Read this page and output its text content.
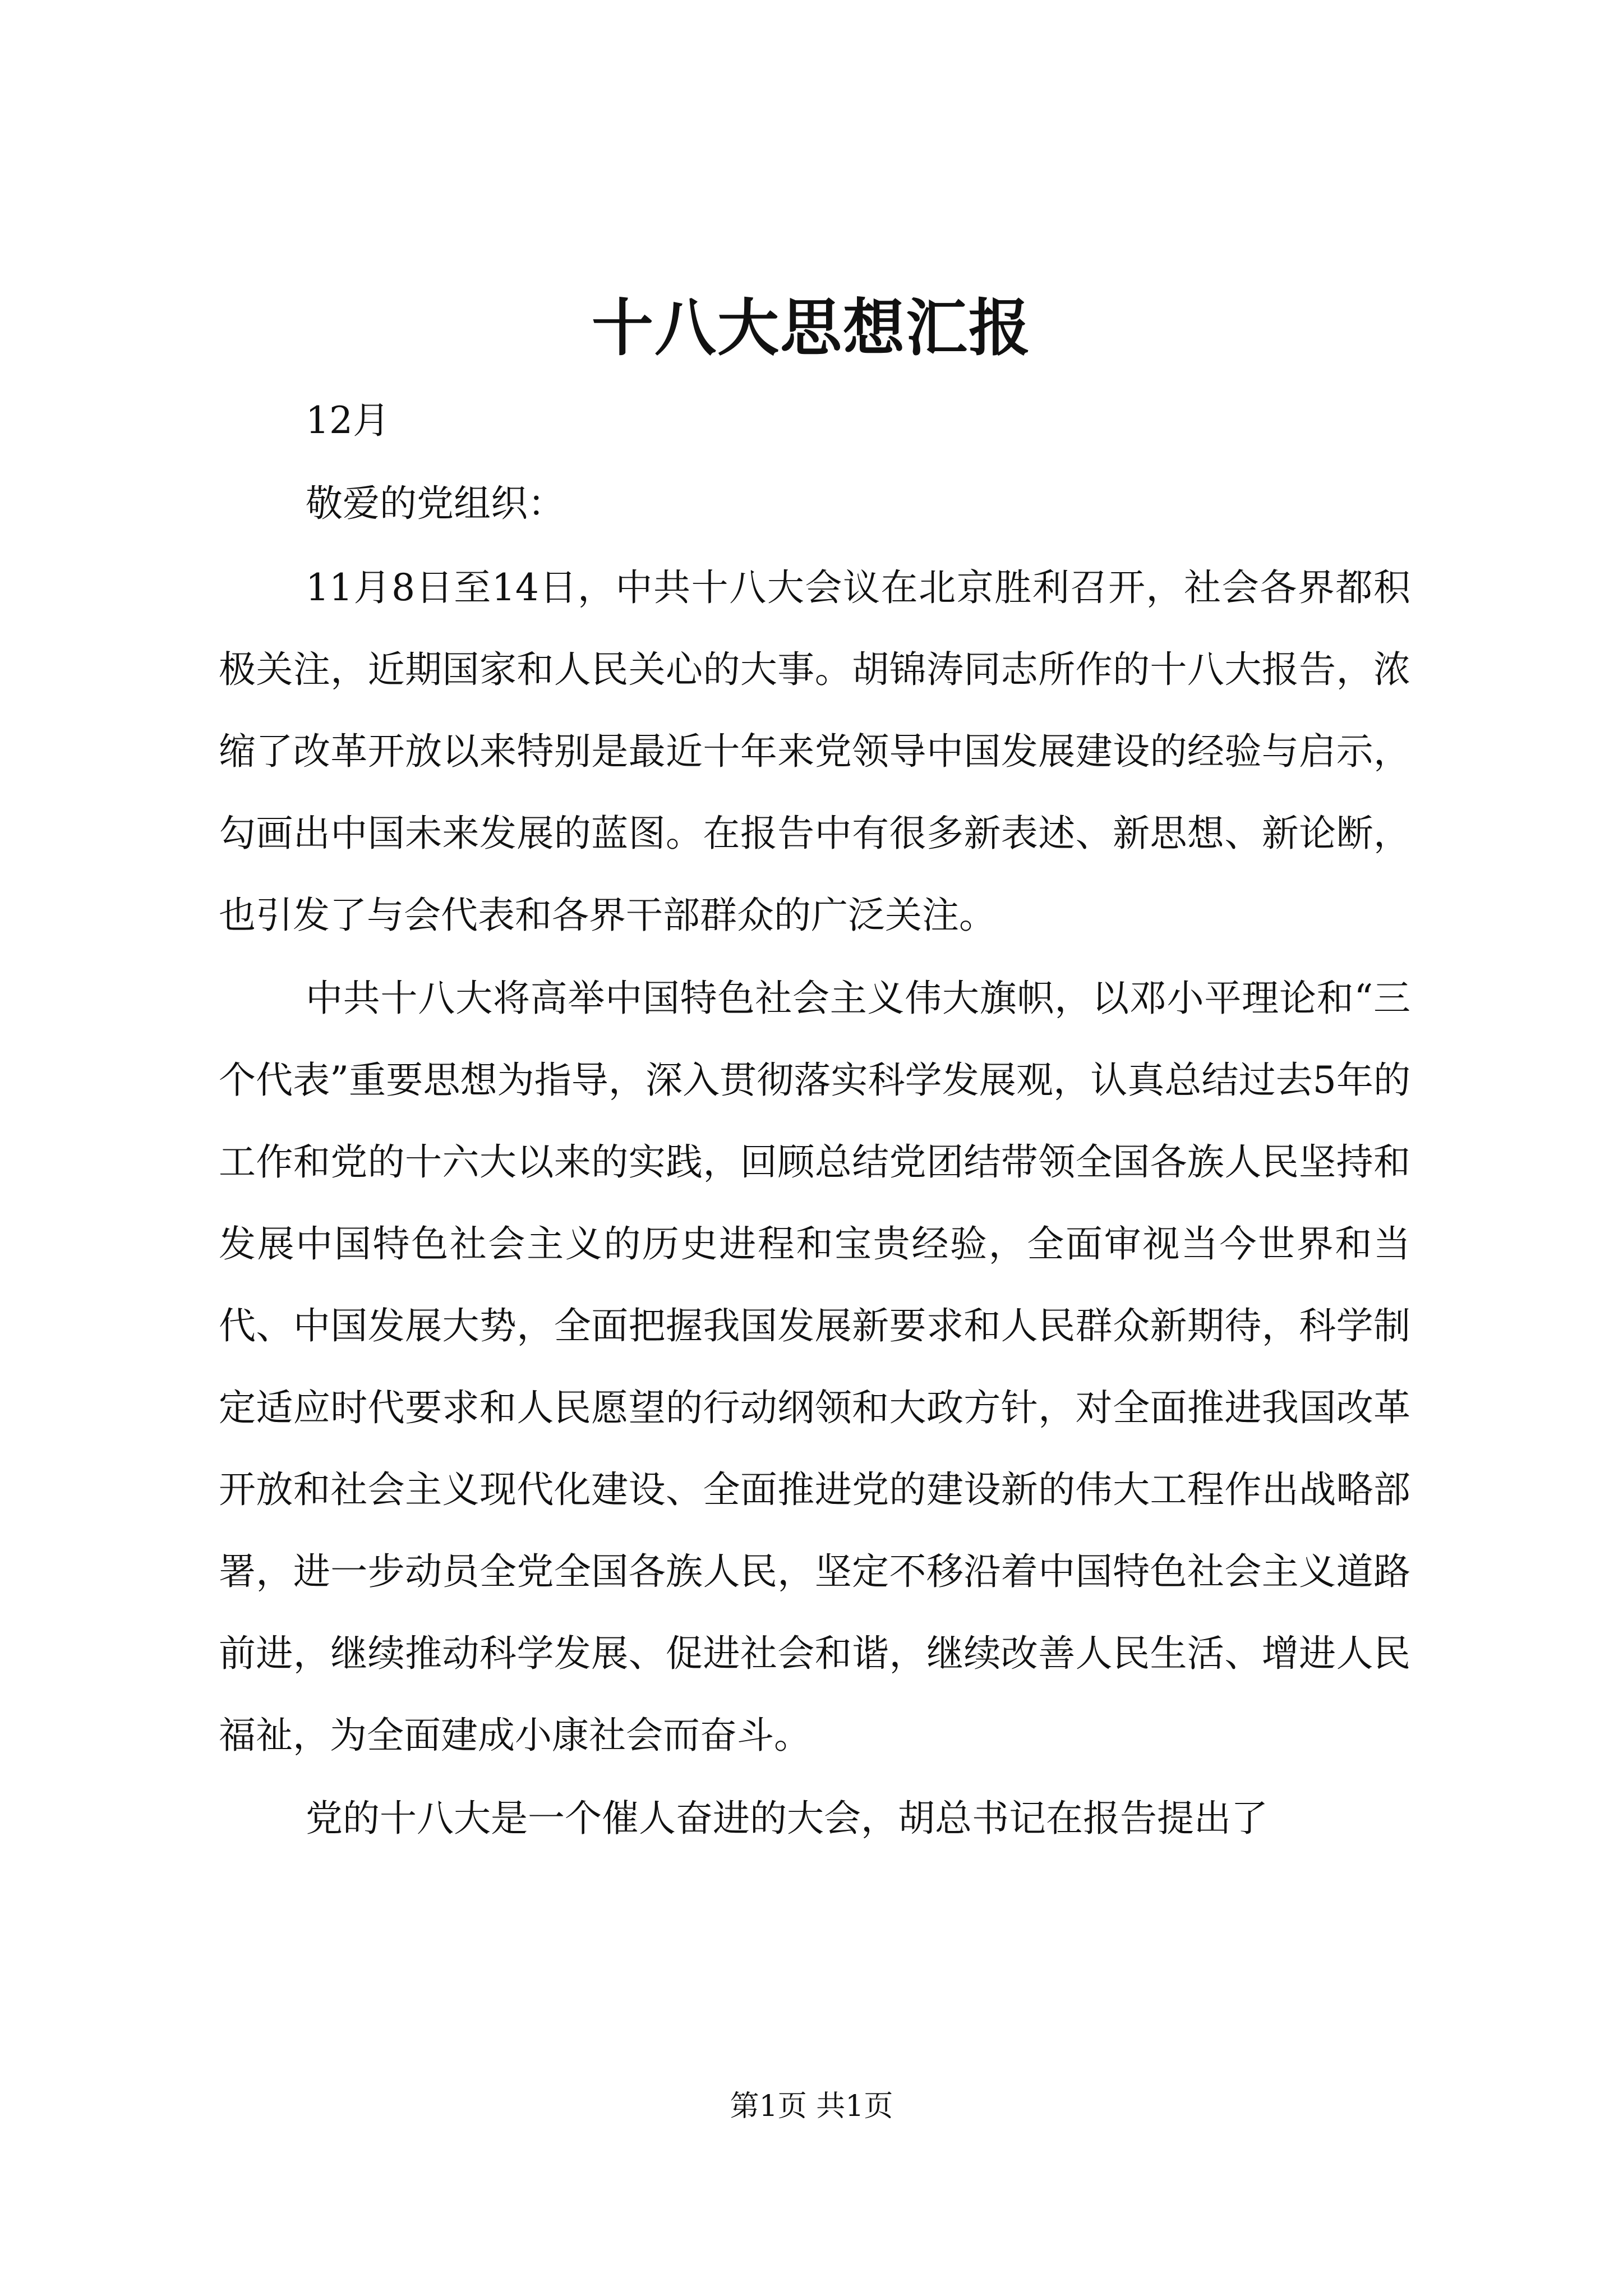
十八大思想汇报

12月

敬爱的党组织：

11月8日至14日，中共十八大会议在北京胜利召开，社会各界都积极关注，近期国家和人民关心的大事。胡锦涛同志所作的十八大报告，浓缩了改革开放以来特别是最近十年来党领导中国发展建设的经验与启示，勾画出中国未来发展的蓝图。在报告中有很多新表述、新思想、新论断，也引发了与会代表和各界干部群众的广泛关注。

中共十八大将高举中国特色社会主义伟大旗帜，以邓小平理论和“三个代表”重要思想为指导，深入贯彻落实科学发展观，认真总结过去5年的工作和党的十六大以来的实践，回顾总结党团结带领全国各族人民坚持和发展中国特色社会主义的历史进程和宝贵经验，全面审视当今世界和当代、中国发展大势，全面把握我国发展新要求和人民群众新期待，科学制定适应时代要求和人民愿望的行动纲领和大政方针，对全面推进我国改革开放和社会主义现代化建设、全面推进党的建设新的伟大工程作出战略部署，进一步动员全党全国各族人民，坚定不移沿着中国特色社会主义道路前进，继续推动科学发展、促进社会和谐，继续改善人民生活、增进人民福祉，为全面建成小康社会而奋斗。

党的十八大是一个催人奋进的大会，胡总书记在报告提出了

第1页 共1页
